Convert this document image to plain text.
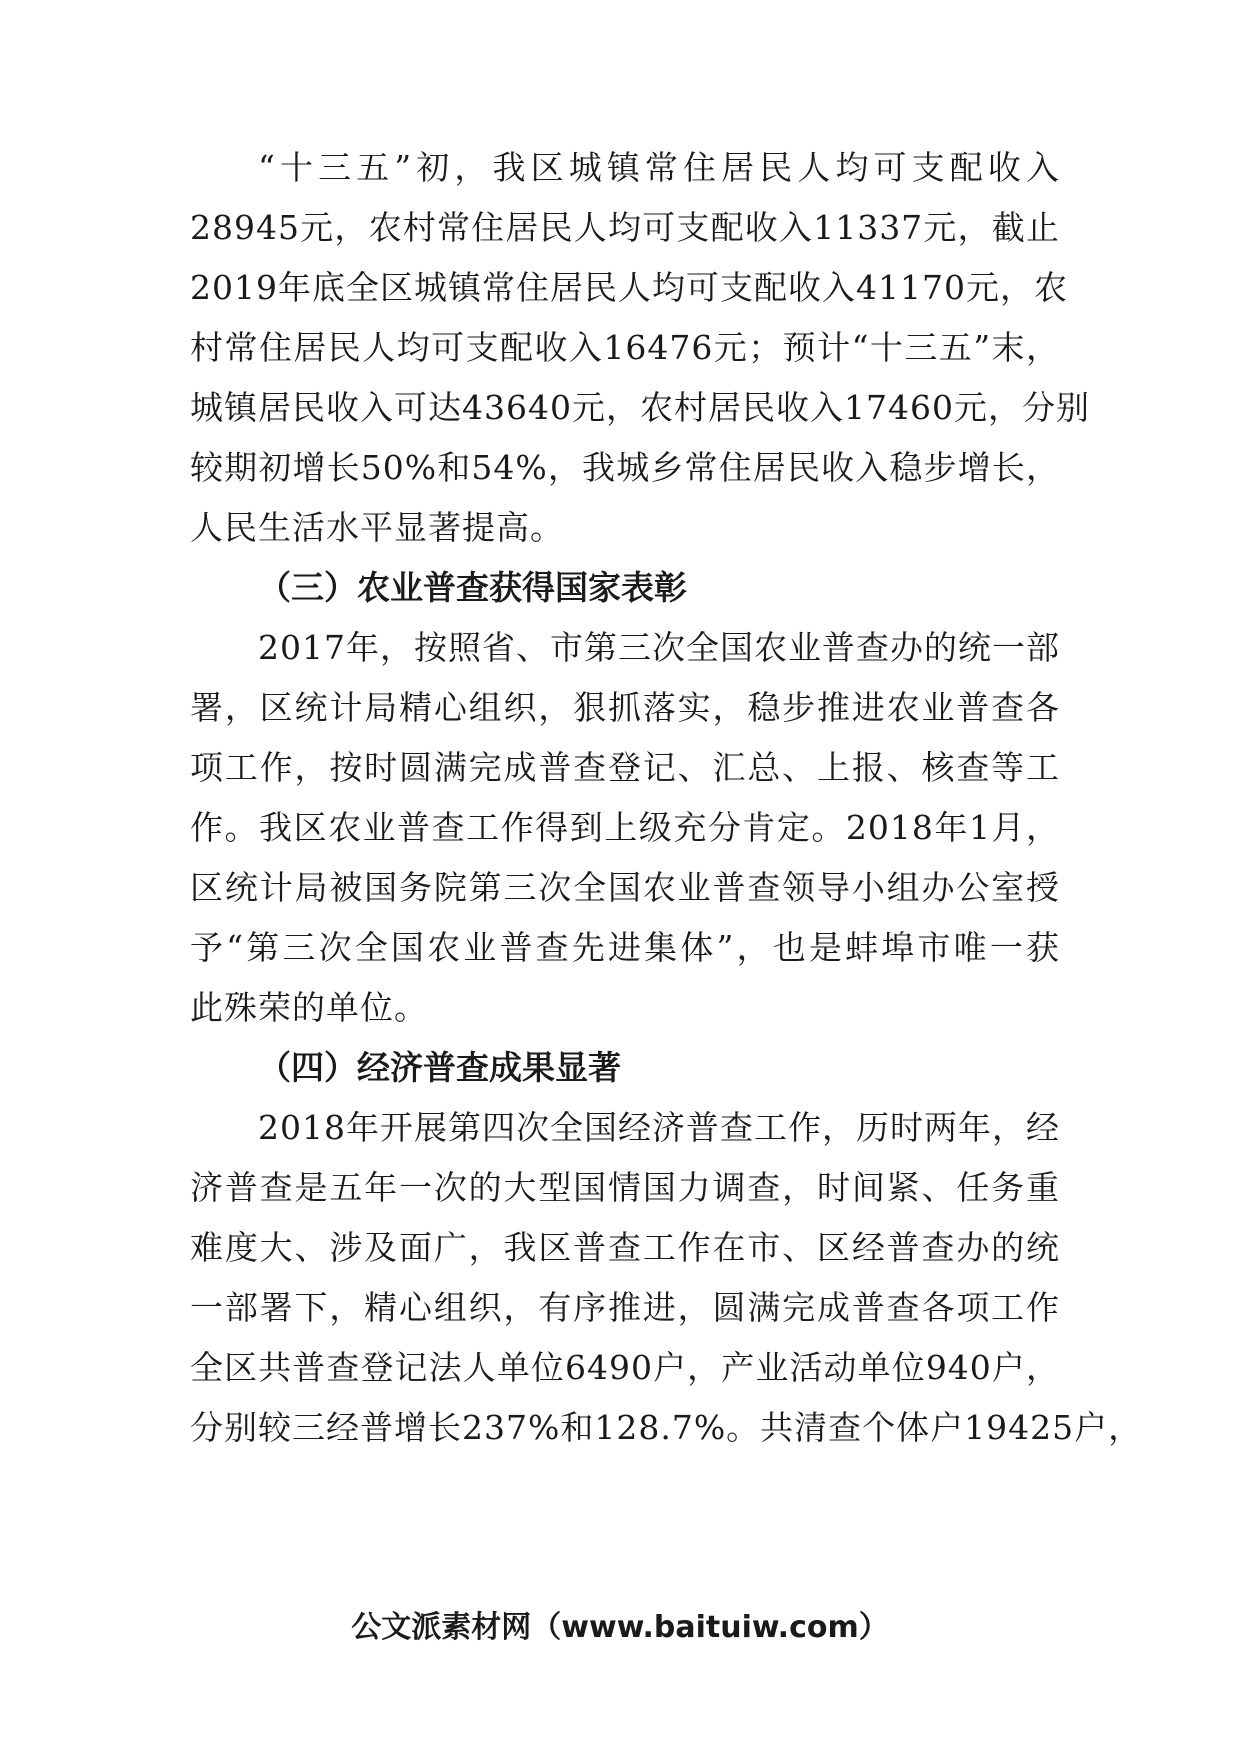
“十三五”初，我区城镇常住居民人均可支配收入
28945元，农村常住居民人均可支配收入11337元，截止
2019年底全区城镇常住居民人均可支配收入41170元，农
村常住居民人均可支配收入16476元；预计“十三五”末，
城镇居民收入可达43640元，农村居民收入17460元，分别
较期初增长50%和54%，我城乡常住居民收入稳步增长，
人民生活水平显著提高。
（三）农业普查获得国家表彰
2017年，按照省、市第三次全国农业普查办的统一部
署，区统计局精心组织，狠抓落实，稳步推进农业普查各
项工作，按时圆满完成普查登记、汇总、上报、核查等工
作。我区农业普查工作得到上级充分肯定。2018年1月，
区统计局被国务院第三次全国农业普查领导小组办公室授
予“第三次全国农业普查先进集体”，也是蚌埠市唯一获
此殊荣的单位。
（四）经济普查成果显著
2018年开展第四次全国经济普查工作，历时两年，经
济普查是五年一次的大型国情国力调查，时间紧、任务重
难度大、涉及面广，我区普查工作在市、区经普查办的统
一部署下，精心组织，有序推进，圆满完成普查各项工作
全区共普查登记法人单位6490户，产业活动单位940户，
分别较三经普增长237%和128.7%。共清查个体户19425户，
公文派素材网（www.baituiw.com）
